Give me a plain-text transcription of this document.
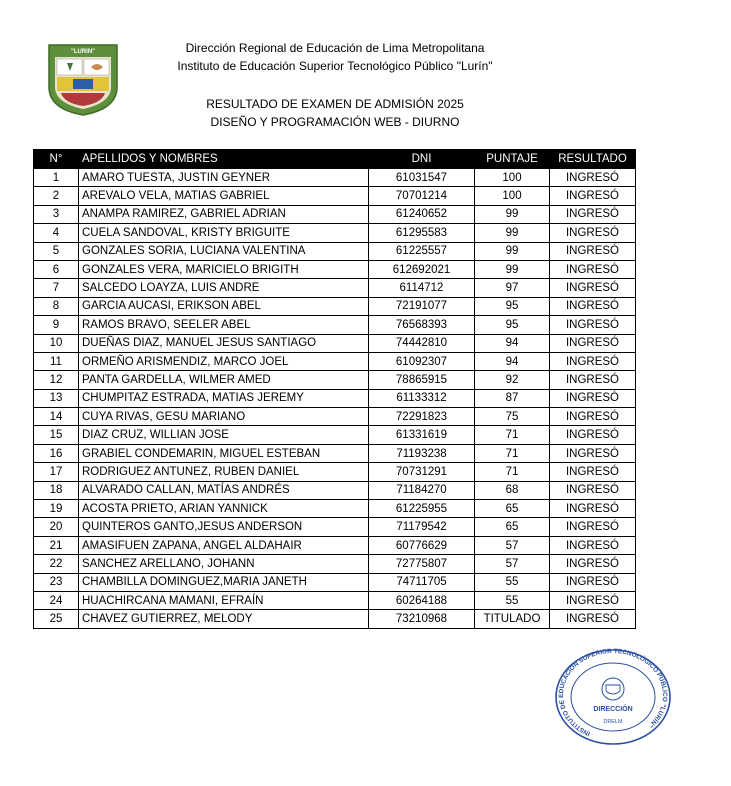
"LURIN"	Dirección Regional de Educación de Lima Metropolitana
Instituto de Educación Superior Tecnológico Público "Lurín"
RESULTADO DE EXAMEN DE ADMISIÓN 2025
DISEÑO Y PROGRAMACIÓN WEB - DIURNO
N°	APELLIDOS Y NOMBRES	DNI	PUNTAJE	RESULTADO
1	AMARO TUESTA, JUSTIN GEYNER	61031547	100	INGRESÓ
2	AREVALO VELA, MATIAS GABRIEL	70701214	100	INGRESÓ
3	ANAMPA RAMIREZ, GABRIEL ADRIAN	61240652	99	INGRESÓ
4	CUELA SANDOVAL, KRISTY BRIGUITE	61295583	99	INGRESÓ
5	GONZALES SORIA, LUCIANA VALENTINA	61225557	99	INGRESÓ
6	GONZALES VERA, MARICIELO BRIGITH	612692021	99	INGRESÓ
7	SALCEDO LOAYZA, LUIS ANDRE	6114712	97	INGRESÓ
8	GARCIA AUCASI, ERIKSON ABEL	72191077	95	INGRESÓ
9	RAMOS BRAVO, SEELER ABEL	76568393	95	INGRESÓ
10	DUEÑAS DIAZ, MANUEL JESUS SANTIAGO	74442810	94	INGRESÓ
11	ORMEÑO ARISMENDIZ, MARCO JOEL	61092307	94	INGRESÓ
12	PANTA GARDELLA, WILMER AMED	78865915	92	INGRESÓ
13	CHUMPITAZ ESTRADA, MATIAS JEREMY	61133312	87	INGRESÓ
14	CUYA RIVAS, GESU MARIANO	72291823	75	INGRESÓ
15	DIAZ CRUZ, WILLIAN JOSE	61331619	71	INGRESÓ
16	GRABIEL CONDEMARIN, MIGUEL ESTEBAN	71193238	71	INGRESÓ
17	RODRIGUEZ ANTUNEZ, RUBEN DANIEL	70731291	71	INGRESÓ
18	ALVARADO CALLAN, MATÍAS ANDRÉS	71184270	68	INGRESÓ
19	ACOSTA PRIETO, ARIAN YANNICK	61225955	65	INGRESÓ
20	QUINTEROS GANTO,JESUS ANDERSON	71179542	65	INGRESÓ
21	AMASIFUEN ZAPANA, ANGEL ALDAHAIR	60776629	57	INGRESÓ
22	SANCHEZ ARELLANO, JOHANN	72775807	57	INGRESÓ
23	CHAMBILLA DOMINGUEZ,MARIA JANETH	74711705	55	INGRESÓ
24	HUACHIRCANA MAMANI, EFRAÍN	60264188	55	INGRESÓ
25	CHAVEZ GUTIERREZ, MELODY	73210968	TITULADO	INGRESÓ
INSTITUTO DE EDUCACIÓN SUPERIOR TECNOLÓGICO PÚBLICO "LURÍN"
DIRECCIÓN
DRELM
